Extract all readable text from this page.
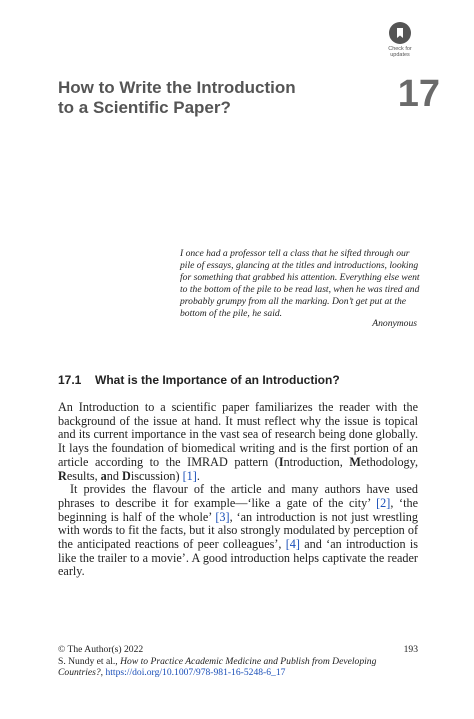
Check for
updates
How to Write the Introduction
to a Scientific Paper?	17
I once had a professor tell a class that he sifted through our pile of essays, glancing at the titles and introductions, looking for something that grabbed his attention. Everything else went to the bottom of the pile to be read last, when he was tired and probably grumpy from all the marking. Don’t get put at the bottom of the pile, he said.
Anonymous
17.1	What is the Importance of an Introduction?

An Introduction to a scientific paper familiarizes the reader with the background of the issue at hand. It must reflect why the issue is topical and its current importance in the vast sea of research being done globally. It lays the foundation of biomedical writing and is the first portion of an article according to the IMRAD pattern (Introduction, Methodology, Results, and Discussion) [1].

It provides the flavour of the article and many authors have used phrases to describe it for example—‘like a gate of the city’ [2], ‘the beginning is half of the whole’ [3], ‘an introduction is not just wrestling with words to fit the facts, but it also strongly modulated by perception of the anticipated reactions of peer colleagues’, [4] and ‘an introduction is like the trailer to a movie’. A good introduction helps captivate the reader early.

© The Author(s) 2022
S. Nundy et al., How to Practice Academic Medicine and Publish from Developing Countries?, https://doi.org/10.1007/978-981-16-5248-6_17
193
